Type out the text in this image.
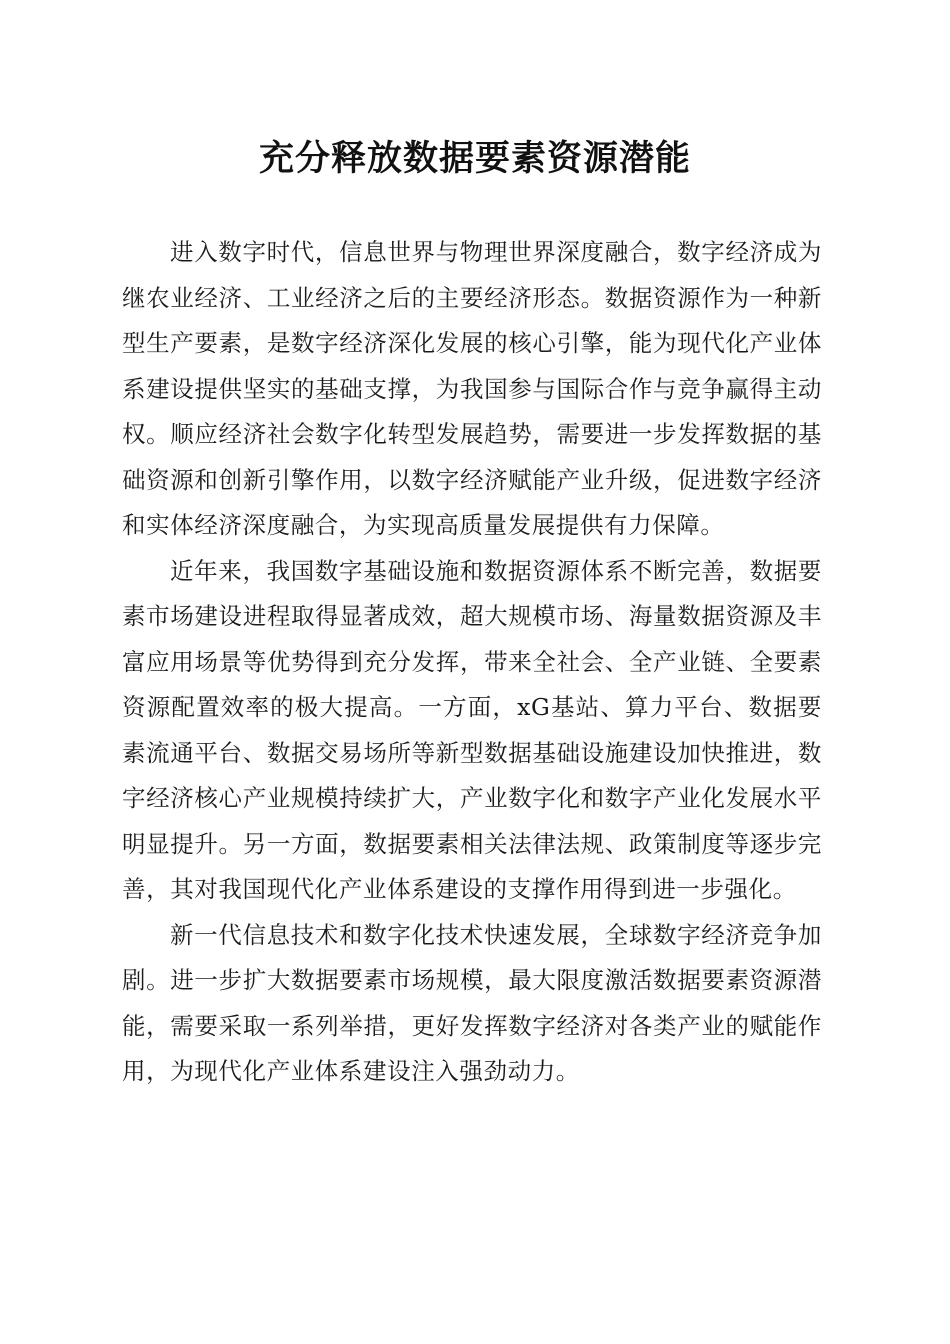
充分释放数据要素资源潜能

进入数字时代，信息世界与物理世界深度融合，数字经济成为继农业经济、工业经济之后的主要经济形态。数据资源作为一种新型生产要素，是数字经济深化发展的核心引擎，能为现代化产业体系建设提供坚实的基础支撑，为我国参与国际合作与竞争赢得主动权。顺应经济社会数字化转型发展趋势，需要进一步发挥数据的基础资源和创新引擎作用，以数字经济赋能产业升级，促进数字经济和实体经济深度融合，为实现高质量发展提供有力保障。

近年来，我国数字基础设施和数据资源体系不断完善，数据要素市场建设进程取得显著成效，超大规模市场、海量数据资源及丰富应用场景等优势得到充分发挥，带来全社会、全产业链、全要素资源配置效率的极大提高。一方面，xG基站、算力平台、数据要素流通平台、数据交易场所等新型数据基础设施建设加快推进，数字经济核心产业规模持续扩大，产业数字化和数字产业化发展水平明显提升。另一方面，数据要素相关法律法规、政策制度等逐步完善，其对我国现代化产业体系建设的支撑作用得到进一步强化。

新一代信息技术和数字化技术快速发展，全球数字经济竞争加剧。进一步扩大数据要素市场规模，最大限度激活数据要素资源潜能，需要采取一系列举措，更好发挥数字经济对各类产业的赋能作用，为现代化产业体系建设注入强劲动力。
